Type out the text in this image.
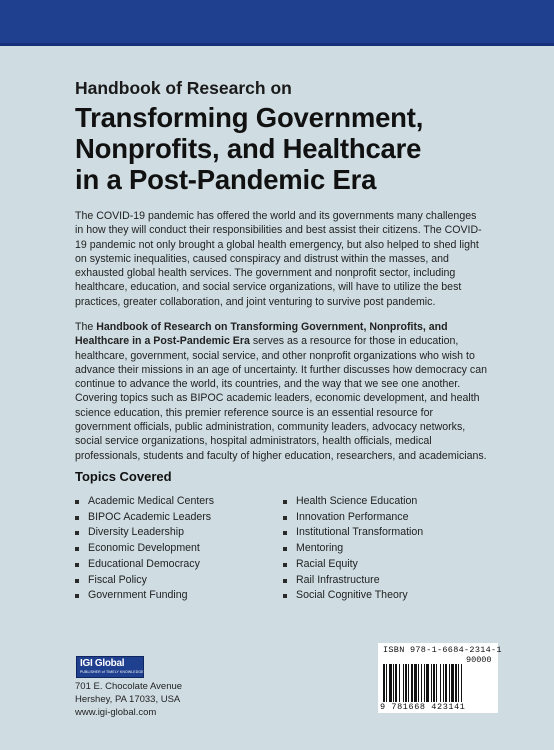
Handbook of Research on

Transforming Government,
Nonprofits, and Healthcare
in a Post-Pandemic Era

The COVID-19 pandemic has offered the world and its governments many challenges in how they will conduct their responsibilities and best assist their citizens. The COVID-19 pandemic not only brought a global health emergency, but also helped to shed light on systemic inequalities, caused conspiracy and distrust within the masses, and exhausted global health services. The government and nonprofit sector, including healthcare, education, and social service organizations, will have to utilize the best practices, greater collaboration, and joint venturing to survive post pandemic.

The Handbook of Research on Transforming Government, Nonprofits, and Healthcare in a Post-Pandemic Era serves as a resource for those in education, healthcare, government, social service, and other nonprofit organizations who wish to advance their missions in an age of uncertainty. It further discusses how democracy can continue to advance the world, its countries, and the way that we see one another. Covering topics such as BIPOC academic leaders, economic development, and health science education, this premier reference source is an essential resource for government officials, public administration, community leaders, advocacy networks, social service organizations, hospital administrators, health officials, medical professionals, students and faculty of higher education, researchers, and academicians.

Topics Covered
Academic Medical Centers
BIPOC Academic Leaders
Diversity Leadership
Economic Development
Educational Democracy
Fiscal Policy
Government Funding
Health Science Education
Innovation Performance
Institutional Transformation
Mentoring
Racial Equity
Rail Infrastructure
Social Cognitive Theory
IGI Global
PUBLISHER of TIMELY KNOWLEDGE
701 E. Chocolate Avenue
Hershey, PA 17033, USA
www.igi-global.com
ISBN 978-1-6684-2314-1
90000
9 781668 423141
